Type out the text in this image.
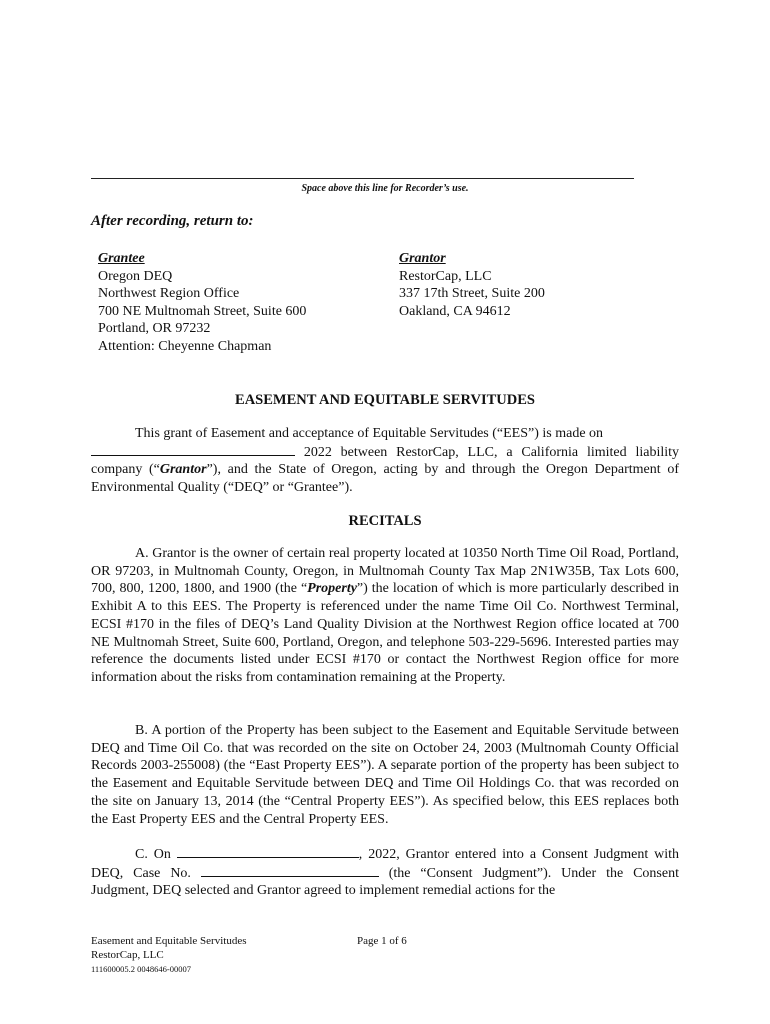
Space above this line for Recorder’s use.
After recording, return to:
Grantee
Oregon DEQ
Northwest Region Office
700 NE Multnomah Street, Suite 600
Portland, OR 97232
Attention: Cheyenne Chapman
Grantor
RestorCap, LLC
337 17th Street, Suite 200
Oakland, CA 94612
EASEMENT AND EQUITABLE SERVITUDES
This grant of Easement and acceptance of Equitable Servitudes (“EES”) is made on
2022 between RestorCap, LLC, a California limited liability company (“Grantor”), and the State of Oregon, acting by and through the Oregon Department of Environmental Quality (“DEQ” or “Grantee”).
RECITALS
A. Grantor is the owner of certain real property located at 10350 North Time Oil Road, Portland, OR 97203, in Multnomah County, Oregon, in Multnomah County Tax Map 2N1W35B, Tax Lots 600, 700, 800, 1200, 1800, and 1900 (the “Property”) the location of which is more particularly described in Exhibit A to this EES. The Property is referenced under the name Time Oil Co. Northwest Terminal, ECSI #170 in the files of DEQ’s Land Quality Division at the Northwest Region office located at 700 NE Multnomah Street, Suite 600, Portland, Oregon, and telephone 503-229-5696. Interested parties may reference the documents listed under ECSI #170 or contact the Northwest Region office for more information about the risks from contamination remaining at the Property.
B. A portion of the Property has been subject to the Easement and Equitable Servitude between DEQ and Time Oil Co. that was recorded on the site on October 24, 2003 (Multnomah County Official Records 2003-255008) (the “East Property EES”). A separate portion of the property has been subject to the Easement and Equitable Servitude between DEQ and Time Oil Holdings Co. that was recorded on the site on January 13, 2014 (the “Central Property EES”). As specified below, this EES replaces both the East Property EES and the Central Property EES.
C. On	, 2022, Grantor entered into a Consent Judgment with DEQ, Case No.	(the “Consent Judgment”). Under the Consent Judgment, DEQ selected and Grantor agreed to implement remedial actions for the
Easement and Equitable Servitudes
RestorCap, LLC
111600005.2 0048646-00007
Page 1 of 6
